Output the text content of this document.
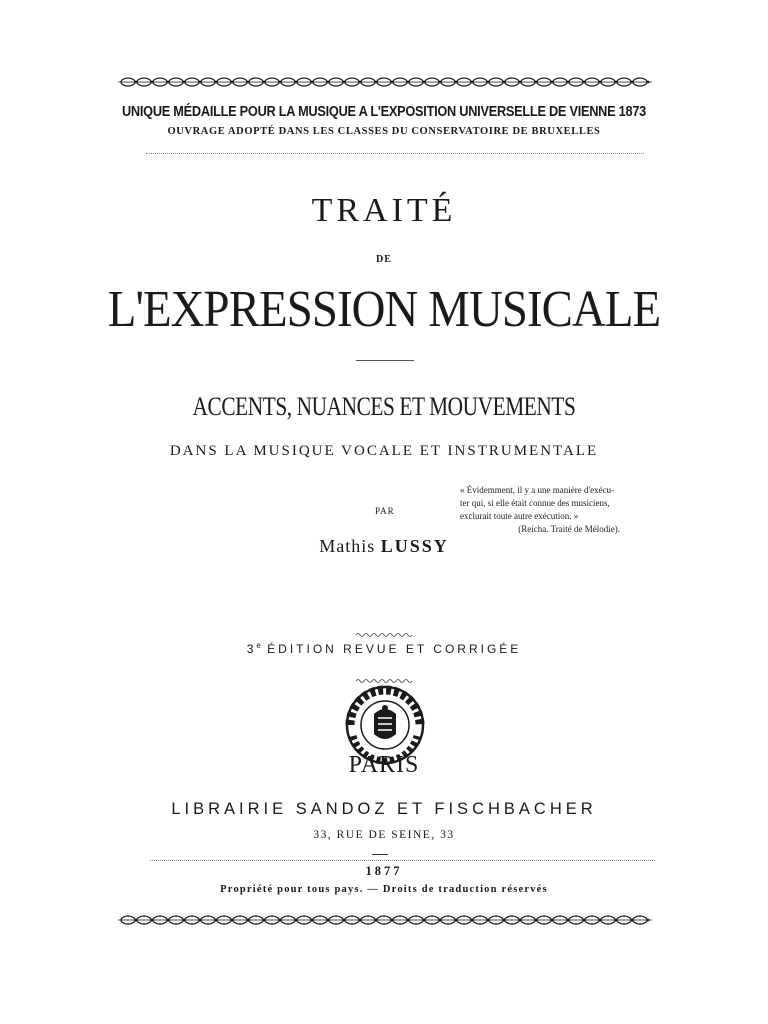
UNIQUE MÉDAILLE POUR LA MUSIQUE A L'EXPOSITION UNIVERSELLE DE VIENNE 1873
OUVRAGE ADOPTÉ DANS LES CLASSES DU CONSERVATOIRE DE BRUXELLES
TRAITÉ
DE
L'EXPRESSION MUSICALE
ACCENTS, NUANCES ET MOUVEMENTS
DANS LA MUSIQUE VOCALE ET INSTRUMENTALE
« Évidemment, il y a une manière d'exécu-
ter qui, si elle était connue des musiciens,
exclurait toute autre exécution. »
(Reicha. Traité de Mélodie).
PAR
Mathis LUSSY
3e ÉDITION REVUE ET CORRIGÉE
PARIS
LIBRAIRIE SANDOZ ET FISCHBACHER
33, RUE DE SEINE, 33
1877
Propriété pour tous pays. — Droits de traduction réservés
